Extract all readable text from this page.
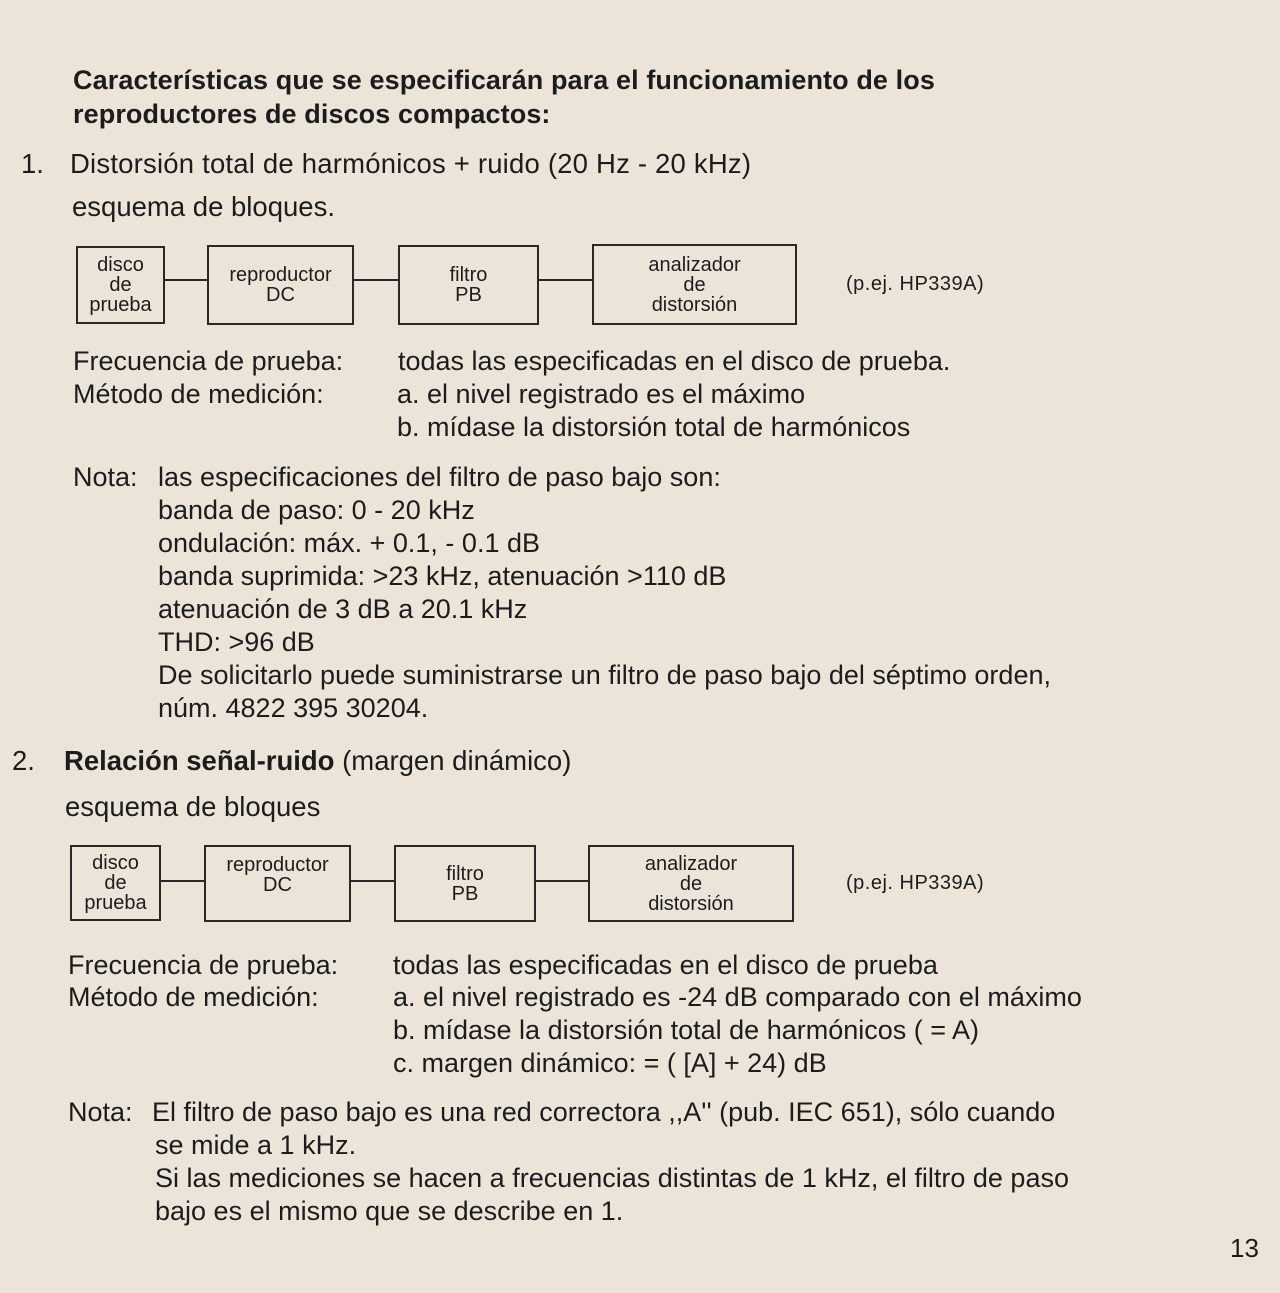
Características que se especificarán para el funcionamiento de los
reproductores de discos compactos:
1. Distorsión total de harmónicos + ruido (20 Hz - 20 kHz)
esquema de bloques.
disco
de
prueba
reproductor
DC
filtro
PB
analizador
de
distorsión
(p.ej. HP339A)
Frecuencia de prueba: todas las especificadas en el disco de prueba.
Método de medición:	a. el nivel registrado es el máximo
b. mídase la distorsión total de harmónicos
Nota: las especificaciones del filtro de paso bajo son:
banda de paso: 0 - 20 kHz
ondulación: máx. + 0.1, - 0.1 dB
banda suprimida: >23 kHz, atenuación >110 dB
atenuación de 3 dB a 20.1 kHz
THD: >96 dB
De solicitarlo puede suministrarse un filtro de paso bajo del séptimo orden,
núm. 4822 395 30204.
2. Relación señal-ruido (margen dinámico)
esquema de bloques
disco
de
prueba
reproductor
DC	filtro
PB
analizador
de
distorsión
(p.ej. HP339A)
Frecuencia de prueba: todas las especificadas en el disco de prueba
Método de medición:	a. el nivel registrado es -24 dB comparado con el máximo
b. mídase la distorsión total de harmónicos ( = A)
c. margen dinámico: = ( [A] + 24) dB
Nota: El filtro de paso bajo es una red correctora ,,A'' (pub. IEC 651), sólo cuando
se mide a 1 kHz.
Si las mediciones se hacen a frecuencias distintas de 1 kHz, el filtro de paso
bajo es el mismo que se describe en 1.
13
